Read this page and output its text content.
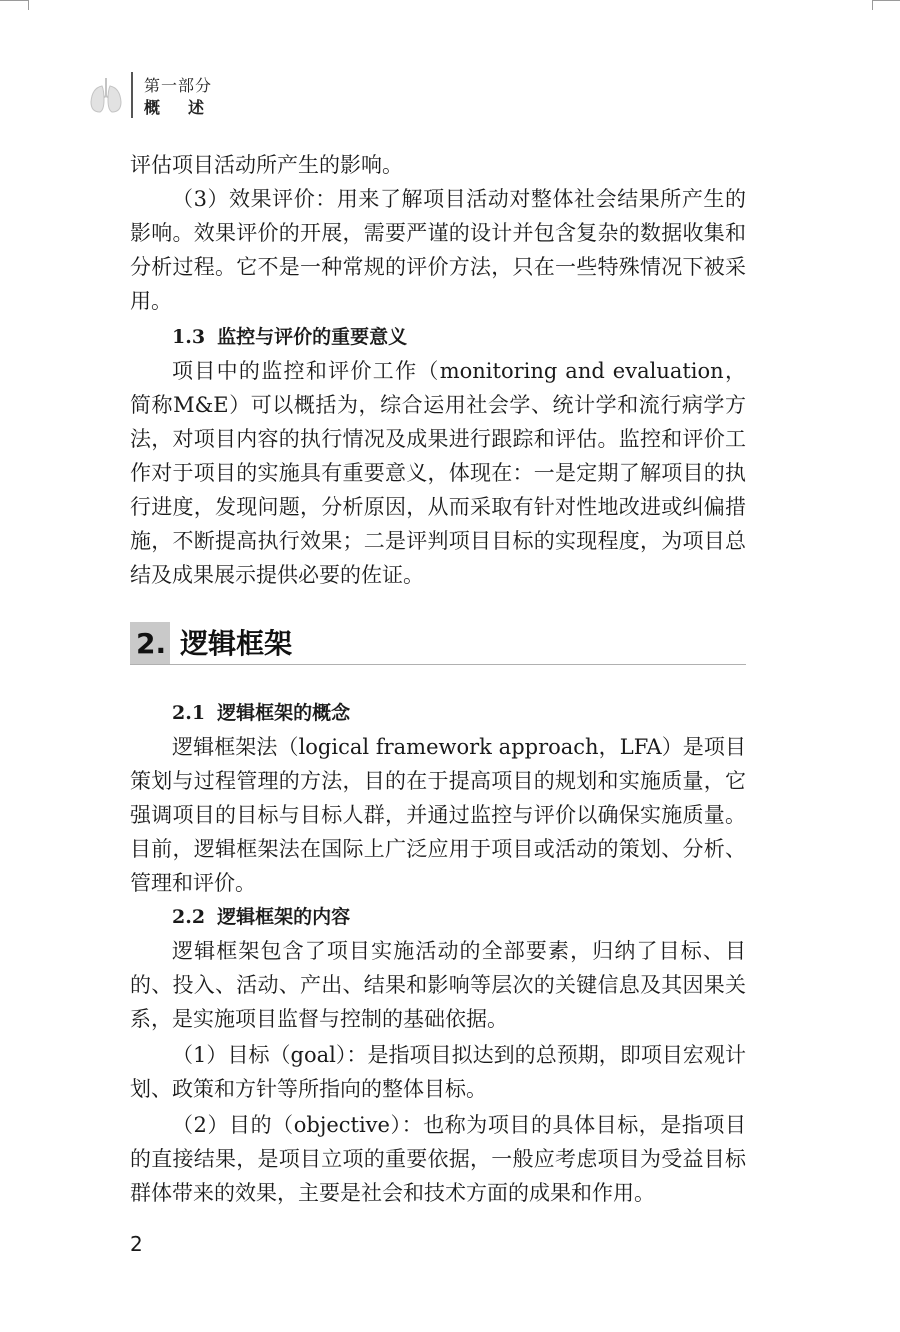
第一部分
概述

评估项目活动所产生的影响。

（3）效果评价：用来了解项目活动对整体社会结果所产生的影响。效果评价的开展，需要严谨的设计并包含复杂的数据收集和分析过程。它不是一种常规的评价方法，只在一些特殊情况下被采用。

1.3 监控与评价的重要意义

项目中的监控和评价工作（monitoring and evaluation，简称M&E）可以概括为，综合运用社会学、统计学和流行病学方法，对项目内容的执行情况及成果进行跟踪和评估。监控和评价工作对于项目的实施具有重要意义，体现在：一是定期了解项目的执行进度，发现问题，分析原因，从而采取有针对性地改进或纠偏措施，不断提高执行效果；二是评判项目目标的实现程度，为项目总结及成果展示提供必要的佐证。

2. 逻辑框架
2.1 逻辑框架的概念

逻辑框架法（logical framework approach，LFA）是项目策划与过程管理的方法，目的在于提高项目的规划和实施质量，它强调项目的目标与目标人群，并通过监控与评价以确保实施质量。目前，逻辑框架法在国际上广泛应用于项目或活动的策划、分析、管理和评价。

2.2 逻辑框架的内容

逻辑框架包含了项目实施活动的全部要素，归纳了目标、目的、投入、活动、产出、结果和影响等层次的关键信息及其因果关系，是实施项目监督与控制的基础依据。

（1）目标（goal）：是指项目拟达到的总预期，即项目宏观计划、政策和方针等所指向的整体目标。

（2）目的（objective）：也称为项目的具体目标，是指项目的直接结果，是项目立项的重要依据，一般应考虑项目为受益目标群体带来的效果，主要是社会和技术方面的成果和作用。

2
